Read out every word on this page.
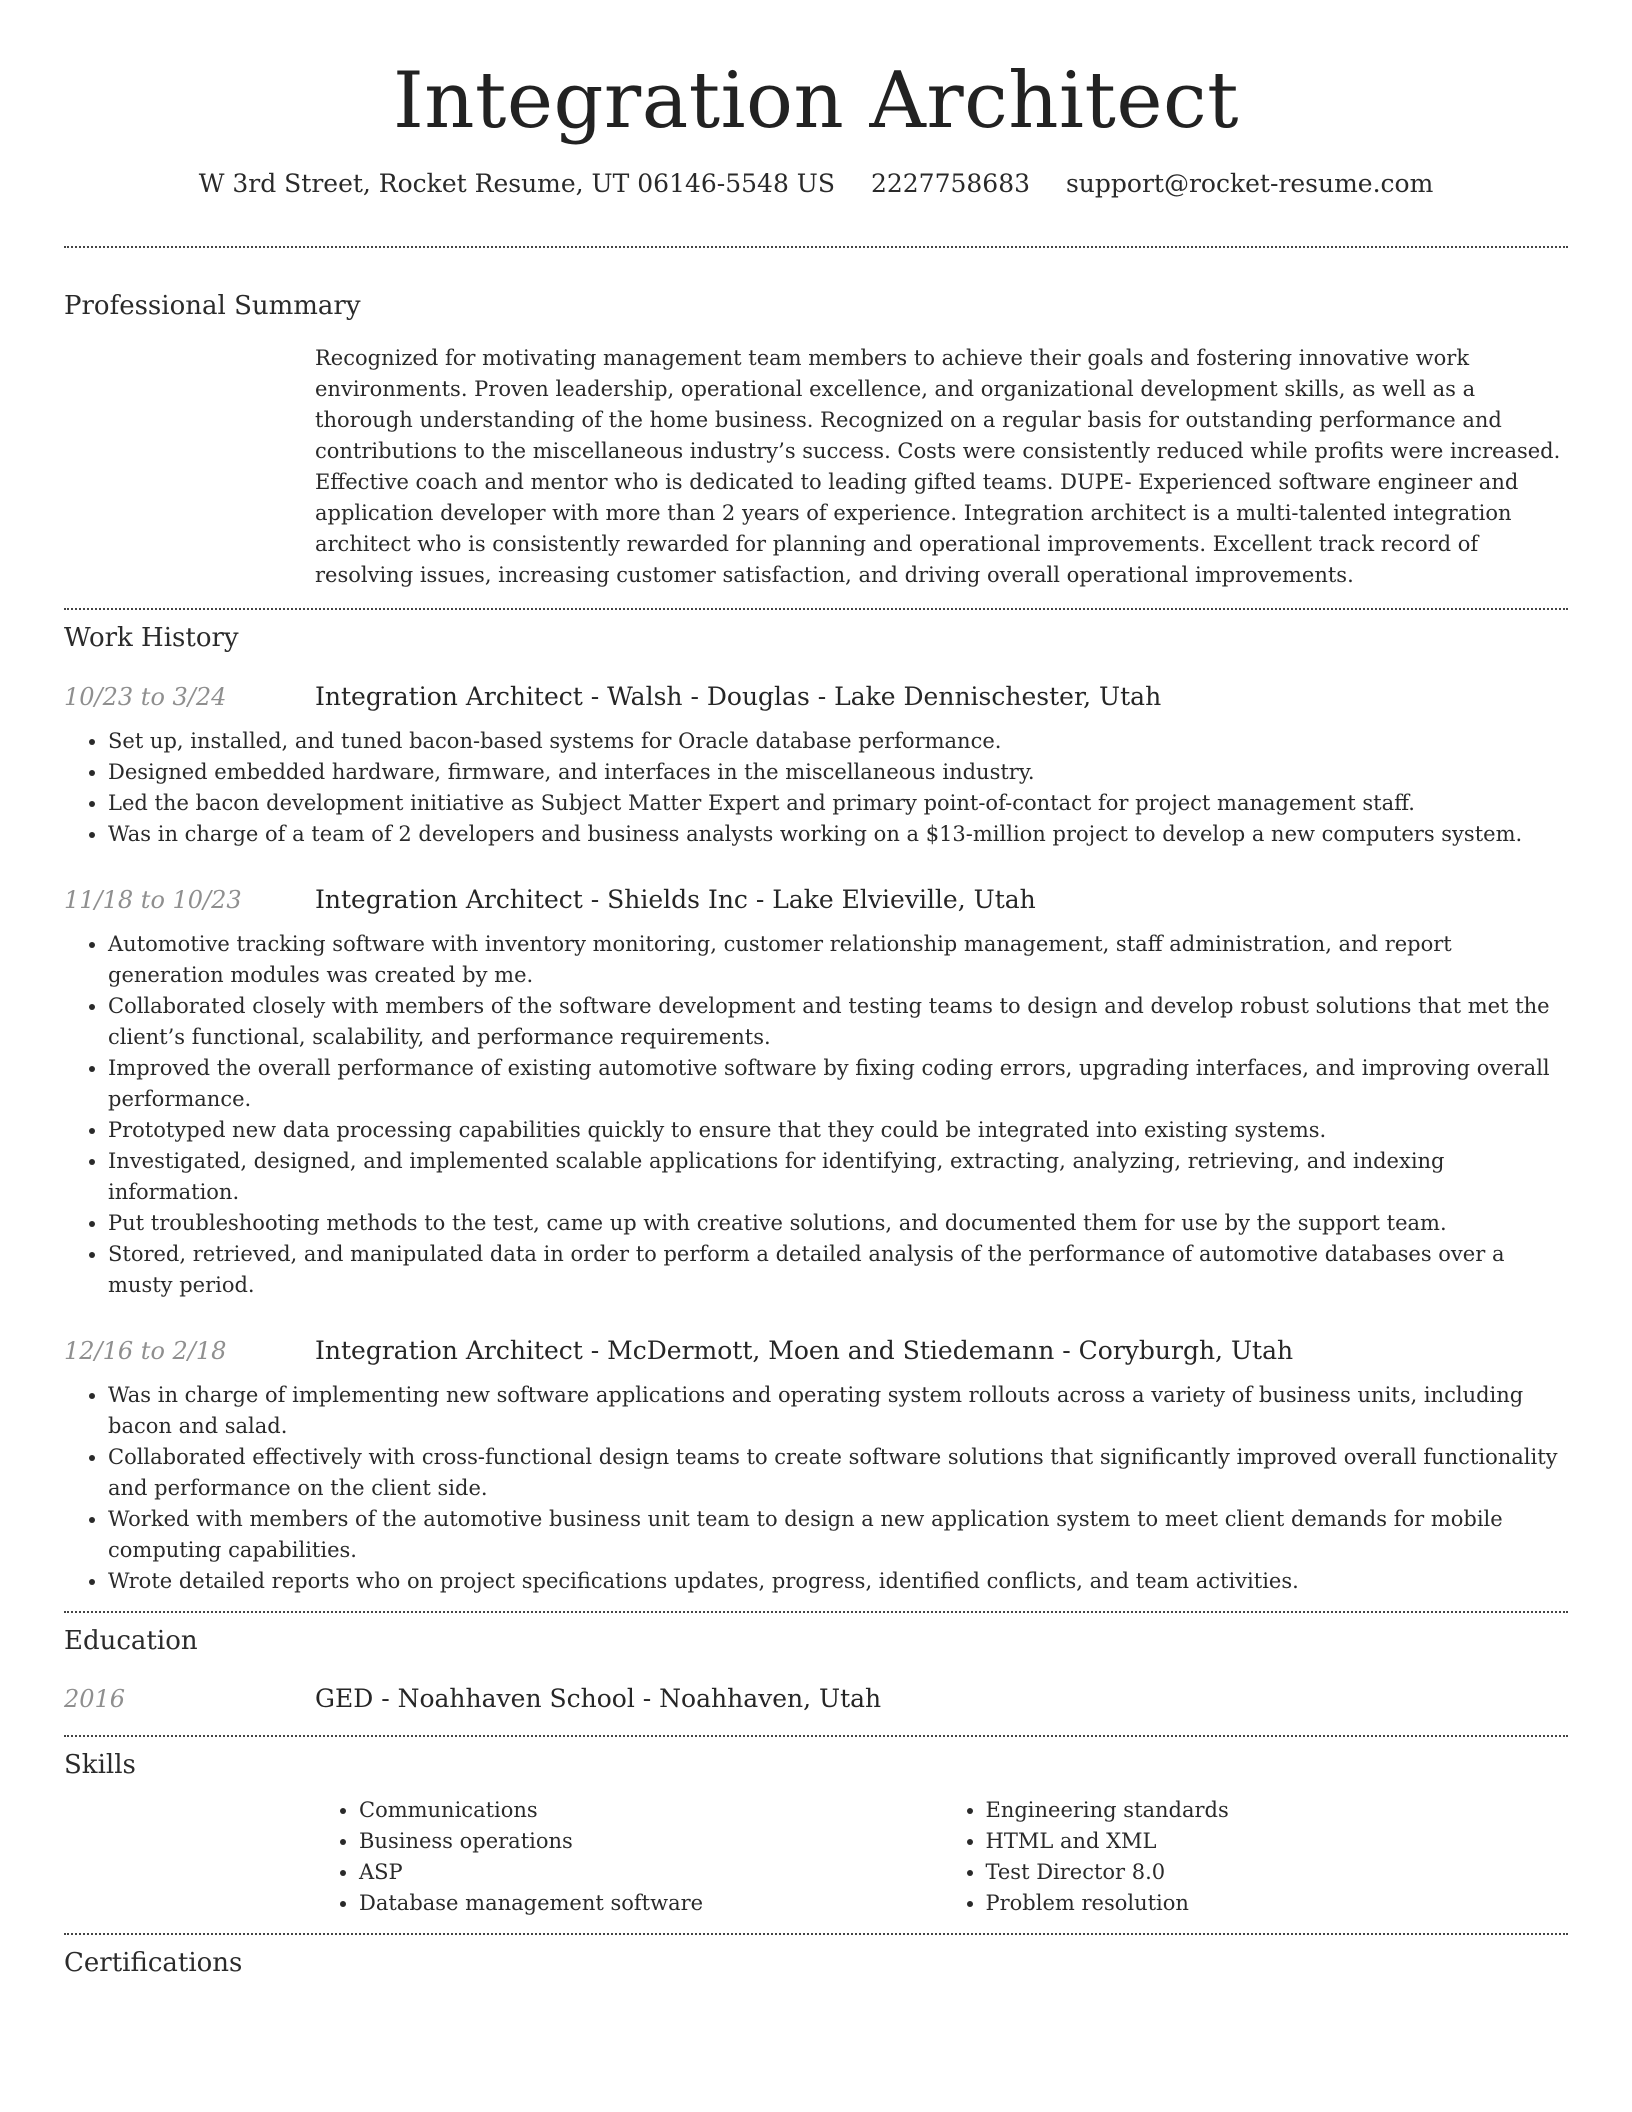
Integration Architect
W 3rd Street, Rocket Resume, UT 06146-5548 US 2227758683 support@rocket-resume.com
Professional Summary
Recognized for motivating management team members to achieve their goals and fostering innovative work environments. Proven leadership, operational excellence, and organizational development skills, as well as a thorough understanding of the home business. Recognized on a regular basis for outstanding performance and contributions to the miscellaneous industry’s success. Costs were consistently reduced while profits were increased. Effective coach and mentor who is dedicated to leading gifted teams. DUPE- Experienced software engineer and application developer with more than 2 years of experience. Integration architect is a multi-talented integration architect who is consistently rewarded for planning and operational improvements. Excellent track record of resolving issues, increasing customer satisfaction, and driving overall operational improvements.
Work History
10/23 to 3/24	Integration Architect - Walsh - Douglas - Lake Dennischester, Utah
• Set up, installed, and tuned bacon-based systems for Oracle database performance.
• Designed embedded hardware, firmware, and interfaces in the miscellaneous industry.
• Led the bacon development initiative as Subject Matter Expert and primary point-of-contact for project management staff.
• Was in charge of a team of 2 developers and business analysts working on a $13-million project to develop a new computers system.
11/18 to 10/23	Integration Architect - Shields Inc - Lake Elvieville, Utah
• Automotive tracking software with inventory monitoring, customer relationship management, staff administration, and report generation modules was created by me.
• Collaborated closely with members of the software development and testing teams to design and develop robust solutions that met the client’s functional, scalability, and performance requirements.
• Improved the overall performance of existing automotive software by fixing coding errors, upgrading interfaces, and improving overall performance.
• Prototyped new data processing capabilities quickly to ensure that they could be integrated into existing systems.
• Investigated, designed, and implemented scalable applications for identifying, extracting, analyzing, retrieving, and indexing information.
• Put troubleshooting methods to the test, came up with creative solutions, and documented them for use by the support team.
• Stored, retrieved, and manipulated data in order to perform a detailed analysis of the performance of automotive databases over a musty period.
12/16 to 2/18	Integration Architect - McDermott, Moen and Stiedemann - Coryburgh, Utah
• Was in charge of implementing new software applications and operating system rollouts across a variety of business units, including bacon and salad.
• Collaborated effectively with cross-functional design teams to create software solutions that significantly improved overall functionality and performance on the client side.
• Worked with members of the automotive business unit team to design a new application system to meet client demands for mobile computing capabilities.
• Wrote detailed reports who on project specifications updates, progress, identified conflicts, and team activities.
Education
2016	GED - Noahhaven School - Noahhaven, Utah
Skills
• Communications
• Business operations
• ASP
• Database management software
• Engineering standards
• HTML and XML
• Test Director 8.0
• Problem resolution
Certifications
